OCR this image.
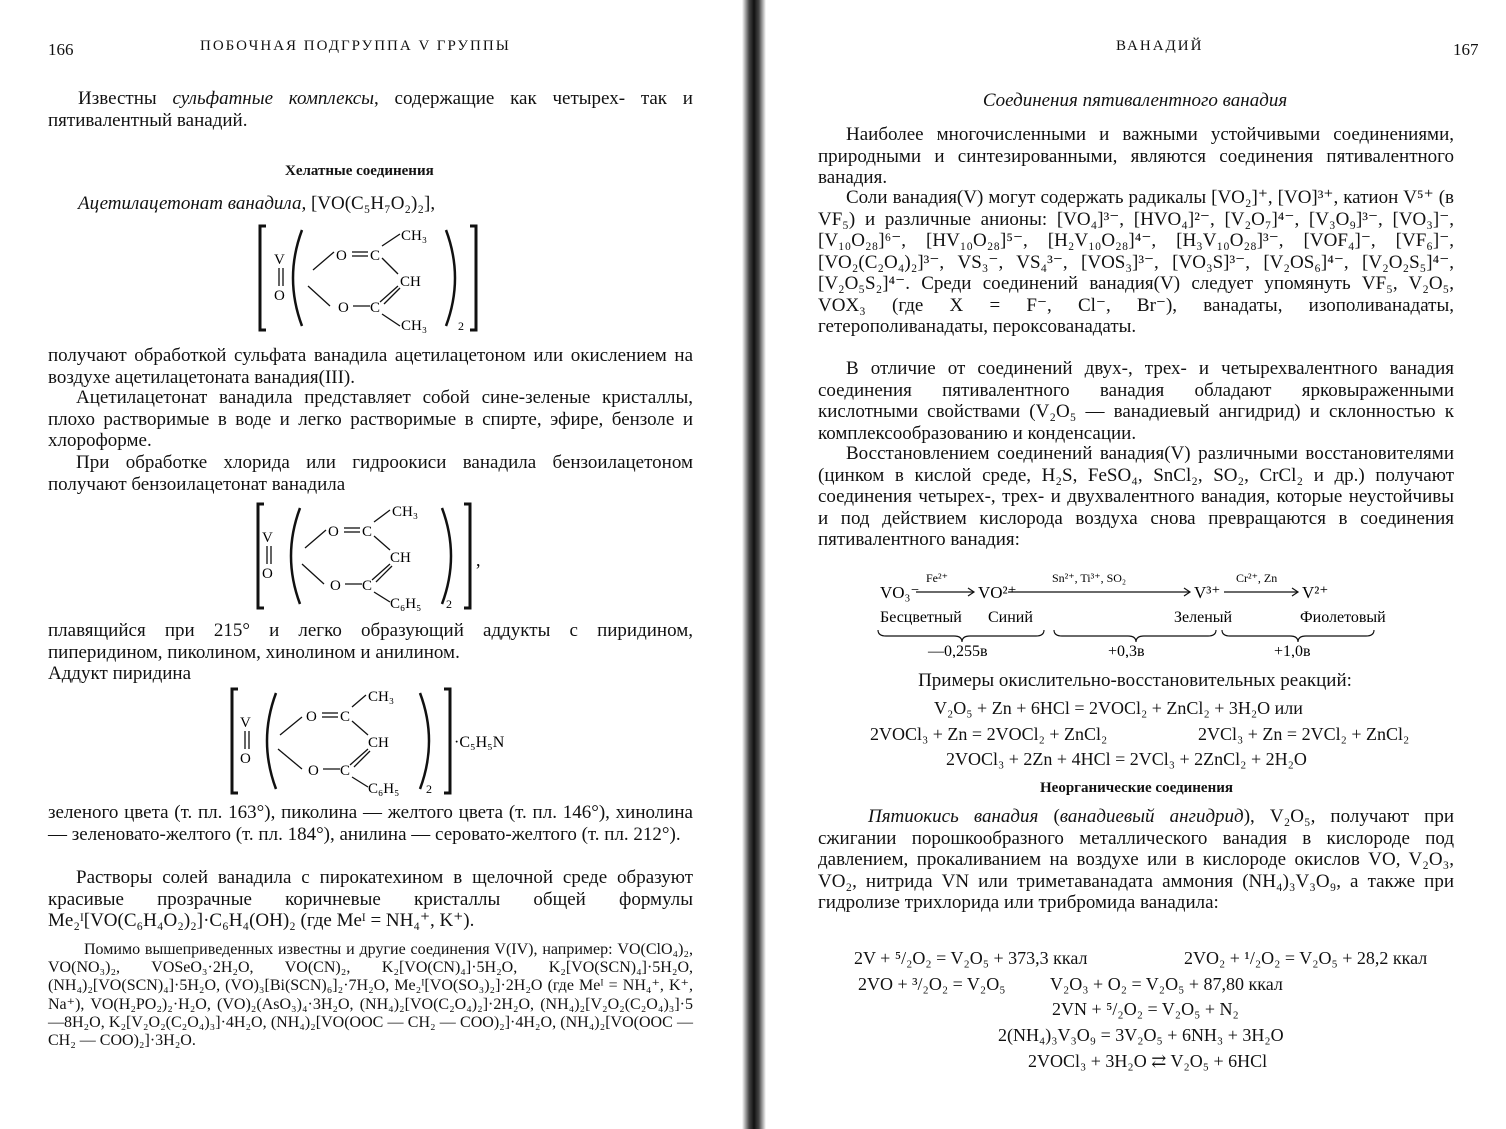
166	ПОБОЧНАЯ ПОДГРУППА V ГРУППЫ
Известны сульфатные комплексы, содержащие как четырех- так и пятивалентный ванадий.
Хелатные соединения
Ацетилацетонат ванадила, [VO(C₅H₇O₂)₂],
V
O
O
O
C
C
CH₃
CH
CH₃	2
получают обработкой сульфата ванадила ацетилацетоном или окислением на воздухе ацетилацетоната ванадия(III).
Ацетилацетонат ванадила представляет собой сине-зеленые кристаллы, плохо растворимые в воде и легко растворимые в спирте, эфире, бензоле и хлороформе.
При обработке хлорида или гидроокиси ванадила бензоилацетоном получают бензоилацетонат ванадила
V
O
O
O
C
C
CH₃
CH
C₆H₅ 2
,
плавящийся при 215° и легко образующий аддукты с пиридином, пиперидином, пиколином, хинолином и анилином.
Аддукт пиридина
V
O
O
O
C
C
CH₃
CH
C₆H₅ 2
·C₅H₅N
зеленого цвета (т. пл. 163°), пиколина — желтого цвета (т. пл. 146°), хинолина — зеленовато-желтого (т. пл. 184°), анилина — серовато-желтого (т. пл. 212°).
Растворы солей ванадила с пирокатехином в щелочной среде образуют красивые прозрачные коричневые кристаллы общей формулы Me₂ᴵ[VO(C₆H₄O₂)₂]·C₆H₄(OH)₂ (где Meᴵ = NH₄⁺, K⁺).
Помимо вышеприведенных известны и другие соединения V(IV), например: VO(ClO₄)₂, VO(NO₃)₂, VOSeO₃·2H₂O, VO(CN)₂, K₂[VO(CN)₄]·5H₂O, K₂[VO(SCN)₄]·5H₂O, (NH₄)₂[VO(SCN)₄]·5H₂O, (VO)₃[Bi(SCN)₆]₂·7H₂O, Me₂ᴵ[VO(SO₃)₂]·2H₂O (где Meᴵ = NH₄⁺, K⁺, Na⁺), VO(H₂PO₂)₂·H₂O, (VO)₂(AsO₃)₄·3H₂O, (NH₄)₂[VO(C₂O₄)₂]·2H₂O, (NH₄)₂[V₂O₂(C₂O₄)₃]·5—8H₂O, K₂[V₂O₂(C₂O₄)₃]·4H₂O, (NH₄)₂[VO(OOC — CH₂ — COO)₂]·4H₂O, (NH₄)₂[VO(OOC — CH₂ — COO)₂]·3H₂O.
ВАНАДИЙ	167
Соединения пятивалентного ванадия
Наиболее многочисленными и важными устойчивыми соединениями, природными и синтезированными, являются соединения пятивалентного ванадия.
Соли ванадия(V) могут содержать радикалы [VO₂]⁺, [VO]³⁺, катион V⁵⁺ (в VF₅) и различные анионы: [VO₄]³⁻, [HVO₄]²⁻, [V₂O₇]⁴⁻, [V₃O₉]³⁻, [VO₃]⁻, [V₁₀O₂₈]⁶⁻, [HV₁₀O₂₈]⁵⁻, [H₂V₁₀O₂₈]⁴⁻, [H₃V₁₀O₂₈]³⁻, [VOF₄]⁻, [VF₆]⁻, [VO₂(C₂O₄)₂]³⁻, VS₃⁻, VS₄³⁻, [VOS₃]³⁻, [VO₃S]³⁻, [V₂OS₆]⁴⁻, [V₂O₂S₅]⁴⁻, [V₂O₅S₂]⁴⁻. Среди соединений ванадия(V) следует упомянуть VF₅, V₂O₅, VOX₃ (где X = F⁻, Cl⁻, Br⁻), ванадаты, изополиванадаты, гетерополиванадаты, пероксованадаты.
В отличие от соединений двух-, трех- и четырехвалентного ванадия соединения пятивалентного ванадия обладают ярковыраженными кислотными свойствами (V₂O₅ — ванадиевый ангидрид) и склонностью к комплексообразованию и конденсации.
Восстановлением соединений ванадия(V) различными восстановителями (цинком в кислой среде, H₂S, FeSO₄, SnCl₂, SO₂, CrCl₂ и др.) получают соединения четырех-, трех- и двухвалентного ванадия, которые неустойчивы и под действием кислорода воздуха снова превращаются в соединения пятивалентного ванадия:
VO₃⁻	VO²⁺	V³⁺	V²⁺
Fe²⁺	Sn²⁺, Ti³⁺, SO₂	Cr²⁺, Zn
Бесцветный Синий	Зеленый	Фиолетовый
—0,255в	+0,3в	+1,0в
Примеры окислительно-восстановительных реакций:
V₂O₅ + Zn + 6HCl = 2VOCl₂ + ZnCl₂ + 3H₂O или
2VOCl₃ + Zn = 2VOCl₂ + ZnCl₂	2VCl₃ + Zn = 2VCl₂ + ZnCl₂
2VOCl₃ + 2Zn + 4HCl = 2VCl₃ + 2ZnCl₂ + 2H₂O
Неорганические соединения
Пятиокись ванадия (ванадиевый ангидрид), V₂O₅, получают при сжигании порошкообразного металлического ванадия в кислороде под давлением, прокаливанием на воздухе или в кислороде окислов VO, V₂O₃, VO₂, нитрида VN или триметаванадата аммония (NH₄)₃V₃O₉, а также при гидролизе трихлорида или трибромида ванадила:
2V + ⁵/₂O₂ = V₂O₅ + 373,3 ккал	2VO₂ + ¹/₂O₂ = V₂O₅ + 28,2 ккал
2VO + ³/₂O₂ = V₂O₅ V₂O₃ + O₂ = V₂O₅ + 87,80 ккал
2VN + ⁵/₂O₂ = V₂O₅ + N₂
2(NH₄)₃V₃O₉ = 3V₂O₅ + 6NH₃ + 3H₂O
2VOCl₃ + 3H₂O ⇄ V₂O₅ + 6HCl
